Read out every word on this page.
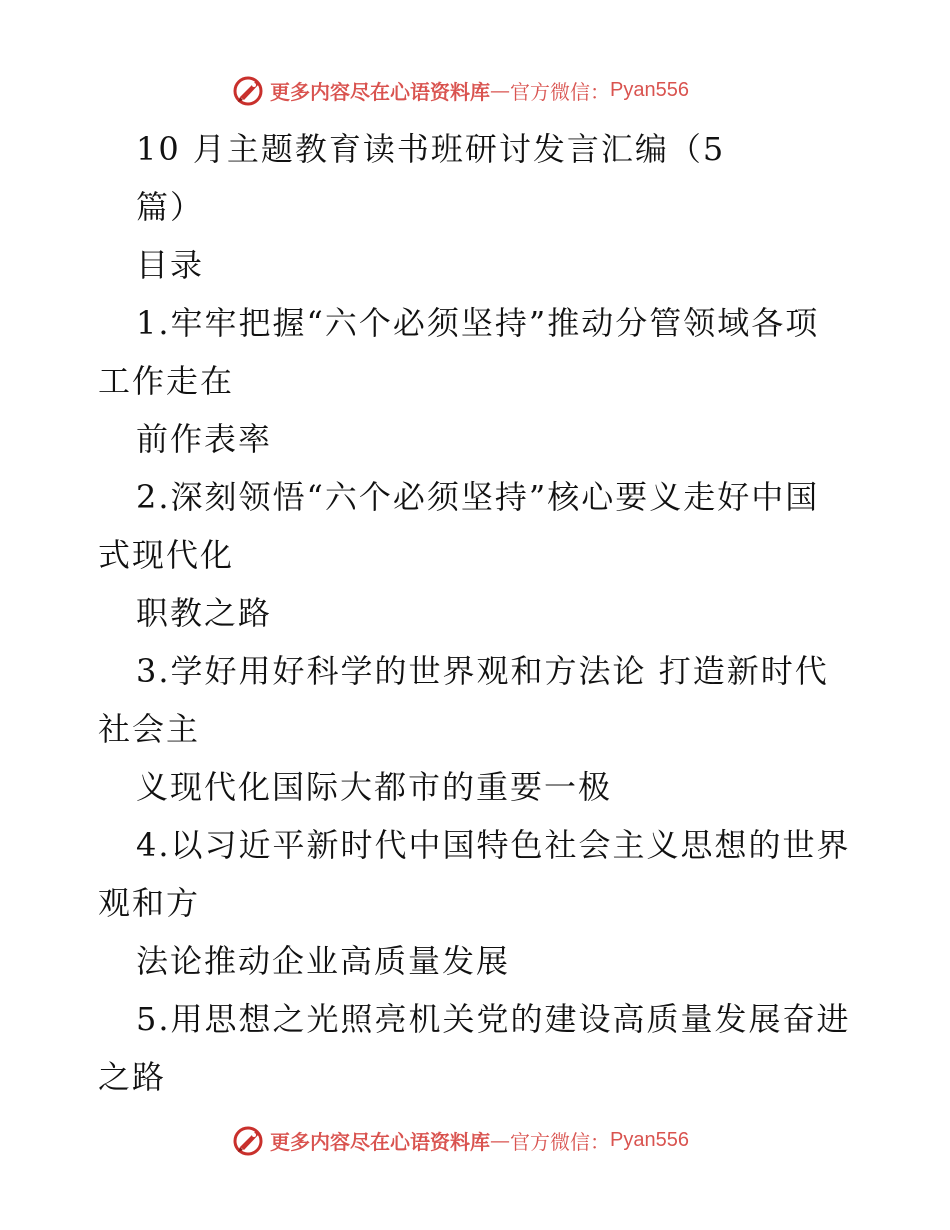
更多内容尽在心语资料库 — 官方微信： Pyan556
10 月主题教育读书班研讨发言汇编（5
篇）
目录
1.牢牢把握“六个必须坚持”推动分管领域各项
工作走在
前作表率
2.深刻领悟“六个必须坚持”核心要义走好中国
式现代化
职教之路
3.学好用好科学的世界观和方法论 打造新时代
社会主
义现代化国际大都市的重要一极
4.以习近平新时代中国特色社会主义思想的世界
观和方
法论推动企业高质量发展
5.用思想之光照亮机关党的建设高质量发展奋进
之路
更多内容尽在心语资料库 — 官方微信： Pyan556
